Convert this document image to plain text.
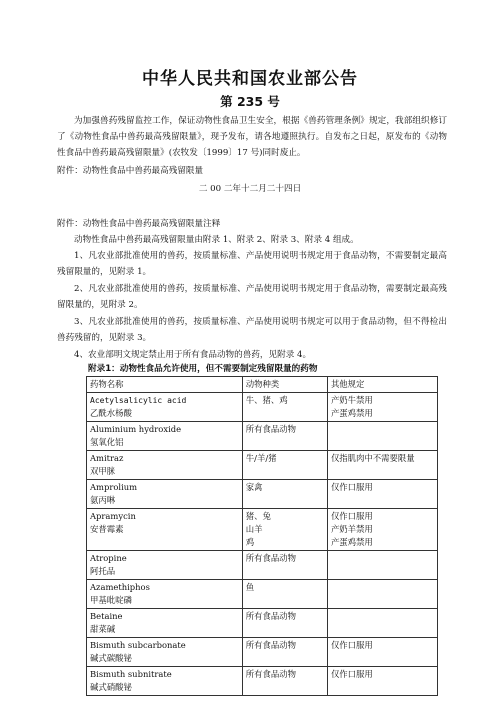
中华人民共和国农业部公告
第 235 号
为加强兽药残留监控工作，保证动物性食品卫生安全，根据《兽药管理条例》规定，我部组织修订了《动物性食品中兽药最高残留限量》，现予发布，请各地遵照执行。自发布之日起，原发布的《动物性食品中兽药最高残留限量》(农牧发〔1999〕17 号)同时废止。
附件：动物性食品中兽药最高残留限量
二 00 二年十二月二十四日
附件：动物性食品中兽药最高残留限量注释
动物性食品中兽药最高残留限量由附录 1、附录 2、附录 3、附录 4 组成。
1、凡农业部批准使用的兽药，按质量标准、产品使用说明书规定用于食品动物，不需要制定最高残留限量的，见附录 1。
2、凡农业部批准使用的兽药，按质量标准、产品使用说明书规定用于食品动物，需要制定最高残留限量的，见附录 2。
3、凡农业部批准使用的兽药，按质量标准、产品使用说明书规定可以用于食品动物，但不得检出兽药残留的，见附录 3。
4、农业部明文规定禁止用于所有食品动物的兽药，见附录 4。
附录1：动物性食品允许使用，但不需要制定残留限量的药物
药物名称	动物种类	其他规定

Acetylsalicylic acid
乙酰水杨酸	牛、猪、鸡	产奶牛禁用
产蛋鸡禁用

Aluminium hydroxide
氢氧化铝	所有食品动物	

Amitraz
双甲脒	牛/羊/猪	仅指肌肉中不需要限量

Amprolium
氨丙啉	家禽	仅作口服用

Apramycin
安普霉素	猪、兔
山羊
鸡	仅作口服用
产奶羊禁用
产蛋鸡禁用

Atropine
阿托品	所有食品动物	

Azamethiphos
甲基吡啶磷	鱼	

Betaine
甜菜碱	所有食品动物	

Bismuth subcarbonate
碱式碳酸铋	所有食品动物	仅作口服用

Bismuth subnitrate
碱式硝酸铋	所有食品动物	仅作口服用
